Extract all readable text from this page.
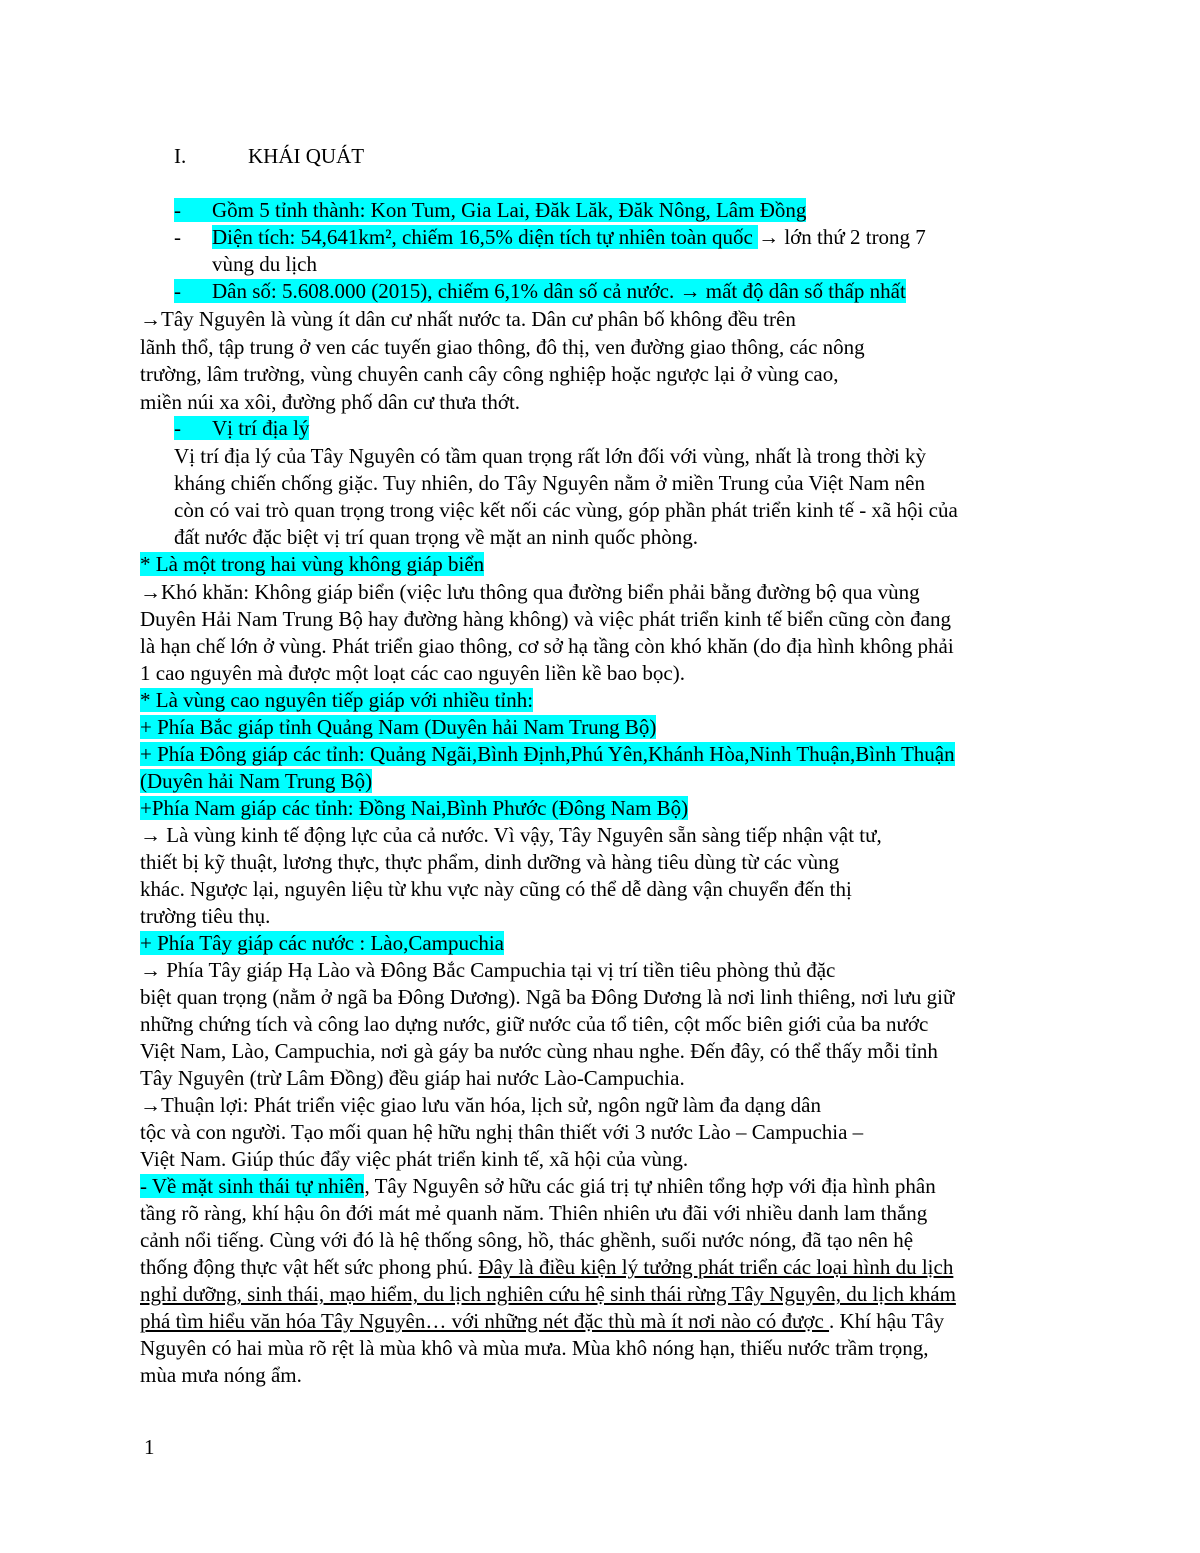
I.	KHÁI QUÁT
- Gồm 5 tỉnh thành: Kon Tum, Gia Lai, Đăk Lăk, Đăk Nông, Lâm Đồng
- Diện tích: 54,641km², chiếm 16,5% diện tích tự nhiên toàn quốc → lớn thứ 2 trong 7
vùng du lịch
- Dân số: 5.608.000 (2015), chiếm 6,1% dân số cả nước. → mất độ dân số thấp nhất
→Tây Nguyên là vùng ít dân cư nhất nước ta. Dân cư phân bố không đều trên
lãnh thổ, tập trung ở ven các tuyến giao thông, đô thị, ven đường giao thông, các nông
trường, lâm trường, vùng chuyên canh cây công nghiệp hoặc ngược lại ở vùng cao,
miền núi xa xôi, đường phố dân cư thưa thớt.
- Vị trí địa lý
Vị trí địa lý của Tây Nguyên có tầm quan trọng rất lớn đối với vùng, nhất là trong thời kỳ
kháng chiến chống giặc. Tuy nhiên, do Tây Nguyên nằm ở miền Trung của Việt Nam nên
còn có vai trò quan trọng trong việc kết nối các vùng, góp phần phát triển kinh tế - xã hội của
đất nước đặc biệt vị trí quan trọng về mặt an ninh quốc phòng.
* Là một trong hai vùng không giáp biển
→Khó khăn: Không giáp biển (việc lưu thông qua đường biển phải bằng đường bộ qua vùng
Duyên Hải Nam Trung Bộ hay đường hàng không) và việc phát triển kinh tế biển cũng còn đang
là hạn chế lớn ở vùng. Phát triển giao thông, cơ sở hạ tầng còn khó khăn (do địa hình không phải
1 cao nguyên mà được một loạt các cao nguyên liền kề bao bọc).
* Là vùng cao nguyên tiếp giáp với nhiều tỉnh:
+ Phía Bắc giáp tỉnh Quảng Nam (Duyên hải Nam Trung Bộ)
+ Phía Đông giáp các tỉnh: Quảng Ngãi,Bình Định,Phú Yên,Khánh Hòa,Ninh Thuận,Bình Thuận
(Duyên hải Nam Trung Bộ)
+Phía Nam giáp các tỉnh: Đồng Nai,Bình Phước (Đông Nam Bộ)
→ Là vùng kinh tế động lực của cả nước. Vì vậy, Tây Nguyên sẵn sàng tiếp nhận vật tư,
thiết bị kỹ thuật, lương thực, thực phẩm, dinh dưỡng và hàng tiêu dùng từ các vùng
khác. Ngược lại, nguyên liệu từ khu vực này cũng có thể dễ dàng vận chuyển đến thị
trường tiêu thụ.
+ Phía Tây giáp các nước : Lào,Campuchia
→ Phía Tây giáp Hạ Lào và Đông Bắc Campuchia tại vị trí tiền tiêu phòng thủ đặc
biệt quan trọng (nằm ở ngã ba Đông Dương). Ngã ba Đông Dương là nơi linh thiêng, nơi lưu giữ
những chứng tích và công lao dựng nước, giữ nước của tổ tiên, cột mốc biên giới của ba nước
Việt Nam, Lào, Campuchia, nơi gà gáy ba nước cùng nhau nghe. Đến đây, có thể thấy mỗi tỉnh
Tây Nguyên (trừ Lâm Đồng) đều giáp hai nước Lào-Campuchia.
→Thuận lợi: Phát triển việc giao lưu văn hóa, lịch sử, ngôn ngữ làm đa dạng dân
tộc và con người. Tạo mối quan hệ hữu nghị thân thiết với 3 nước Lào – Campuchia –
Việt Nam. Giúp thúc đẩy việc phát triển kinh tế, xã hội của vùng.
- Về mặt sinh thái tự nhiên, Tây Nguyên sở hữu các giá trị tự nhiên tổng hợp với địa hình phân
tầng rõ ràng, khí hậu ôn đới mát mẻ quanh năm. Thiên nhiên ưu đãi với nhiều danh lam thắng
cảnh nổi tiếng. Cùng với đó là hệ thống sông, hồ, thác ghềnh, suối nước nóng, đã tạo nên hệ
thống động thực vật hết sức phong phú. Đây là điều kiện lý tưởng phát triển các loại hình du lịch
nghỉ dưỡng, sinh thái, mạo hiểm, du lịch nghiên cứu hệ sinh thái rừng Tây Nguyên, du lịch khám
phá tìm hiểu văn hóa Tây Nguyên… với những nét đặc thù mà ít nơi nào có được . Khí hậu Tây
Nguyên có hai mùa rõ rệt là mùa khô và mùa mưa. Mùa khô nóng hạn, thiếu nước trầm trọng,
mùa mưa nóng ẩm.
1
